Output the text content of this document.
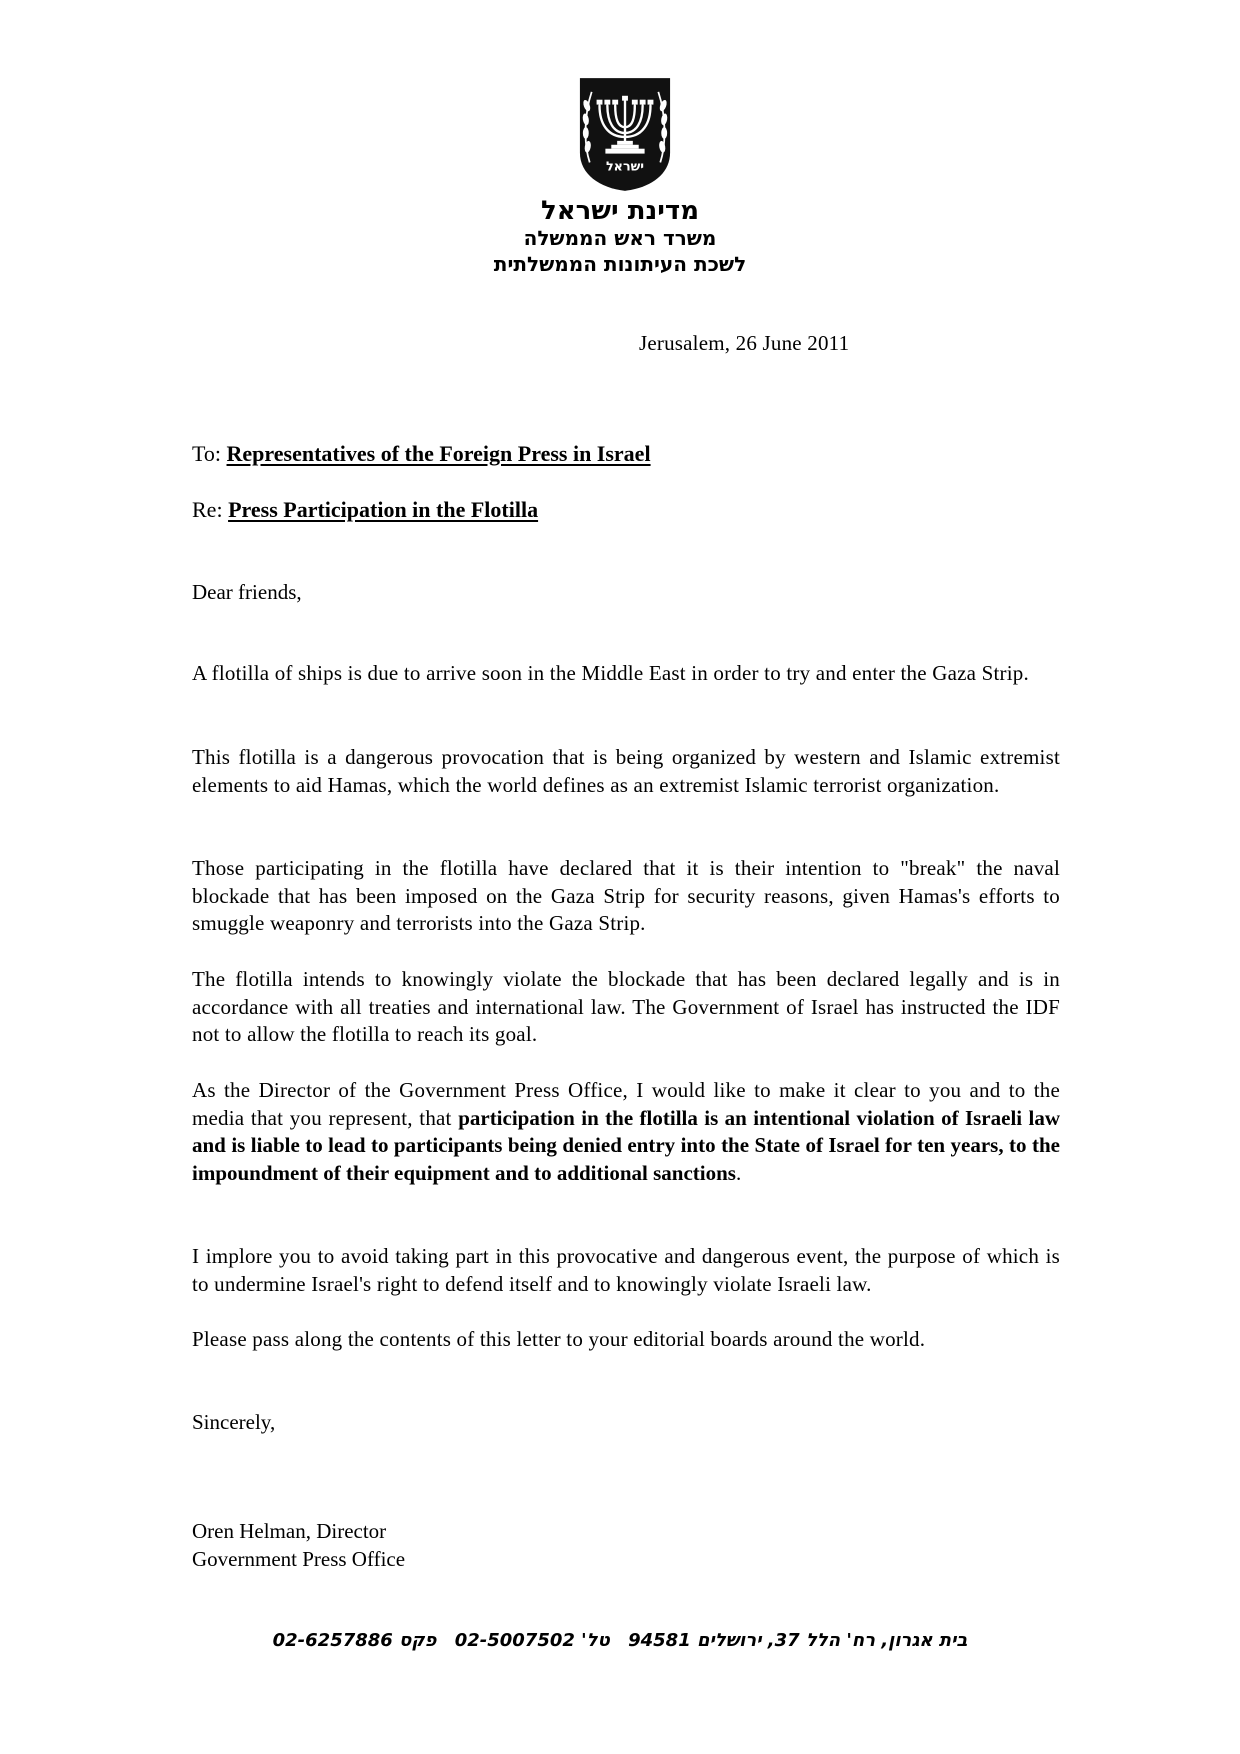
ישראל
מדינת ישראל
משרד ראש הממשלה
לשכת העיתונות הממשלתית
Jerusalem, 26 June 2011
To: Representatives of the Foreign Press in Israel
Re: Press Participation in the Flotilla
Dear friends,

A flotilla of ships is due to arrive soon in the Middle East in order to try and enter the Gaza Strip.

This flotilla is a dangerous provocation that is being organized by western and Islamic extremist elements to aid Hamas, which the world defines as an extremist Islamic terrorist organization.

Those participating in the flotilla have declared that it is their intention to "break" the naval blockade that has been imposed on the Gaza Strip for security reasons, given Hamas's efforts to smuggle weaponry and terrorists into the Gaza Strip.

The flotilla intends to knowingly violate the blockade that has been declared legally and is in accordance with all treaties and international law. The Government of Israel has instructed the IDF not to allow the flotilla to reach its goal.

As the Director of the Government Press Office, I would like to make it clear to you and to the media that you represent, that participation in the flotilla is an intentional violation of Israeli law and is liable to lead to participants being denied entry into the State of Israel for ten years, to the impoundment of their equipment and to additional sanctions.

I implore you to avoid taking part in this provocative and dangerous event, the purpose of which is to undermine Israel's right to defend itself and to knowingly violate Israeli law.

Please pass along the contents of this letter to your editorial boards around the world.

Sincerely,
Oren Helman, Director
Government Press Office
בית אגרון, רח' הלל 37, ירושלים 94581 טל' 02-5007502 פקס 02-6257886
